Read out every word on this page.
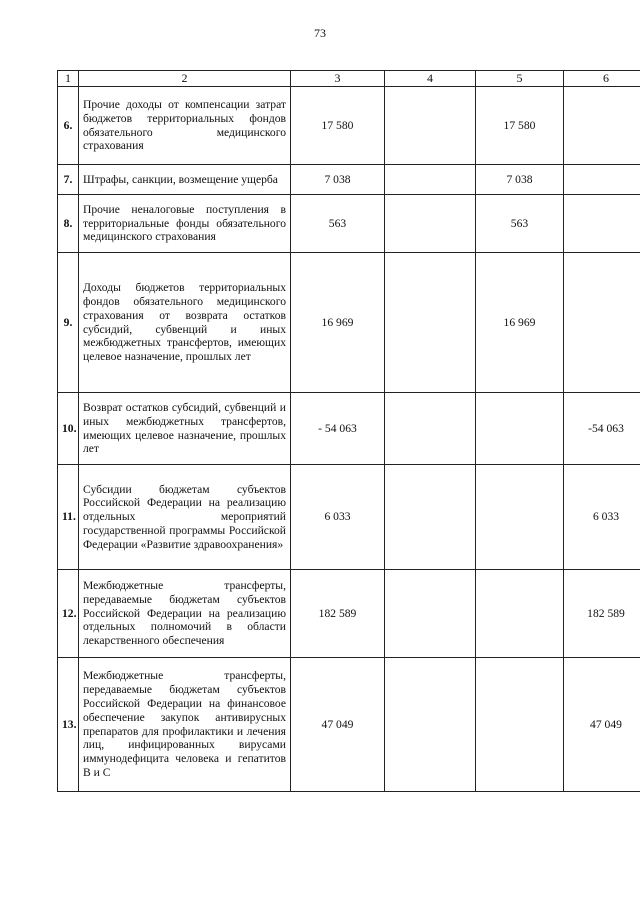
73
1	2	3	4	5	6
6.	Прочие доходы от компенсации затрат бюджетов территориальных фондов обязательного медицинского страхования	17 580		17 580	
7.	Штрафы, санкции, возмещение ущерба	7 038		7 038	
8.	Прочие неналоговые поступления в территориальные фонды обязательного медицинского страхования	563		563	
9.	Доходы бюджетов территориальных фондов обязательного медицинского страхования от возврата остатков субсидий, субвенций и иных межбюджетных трансфертов, имеющих целевое назначение, прошлых лет	16 969		16 969	
10.	Возврат остатков субсидий, субвенций и иных межбюджетных трансфертов, имеющих целевое назначение, прошлых лет	- 54 063			-54 063
11.	Субсидии бюджетам субъектов Российской Федерации на реализацию отдельных мероприятий государственной программы Российской Федерации «Развитие здравоохранения»	6 033			6 033
12.	Межбюджетные трансферты, передаваемые бюджетам субъектов Российской Федерации на реализацию отдельных полномочий в области лекарственного обеспечения	182 589			182 589
13.	Межбюджетные трансферты, передаваемые бюджетам субъектов Российской Федерации на финансовое обеспечение закупок антивирусных препаратов для профилактики и лечения лиц, инфицированных вирусами иммунодефицита человека и гепатитов B и C	47 049			47 049
